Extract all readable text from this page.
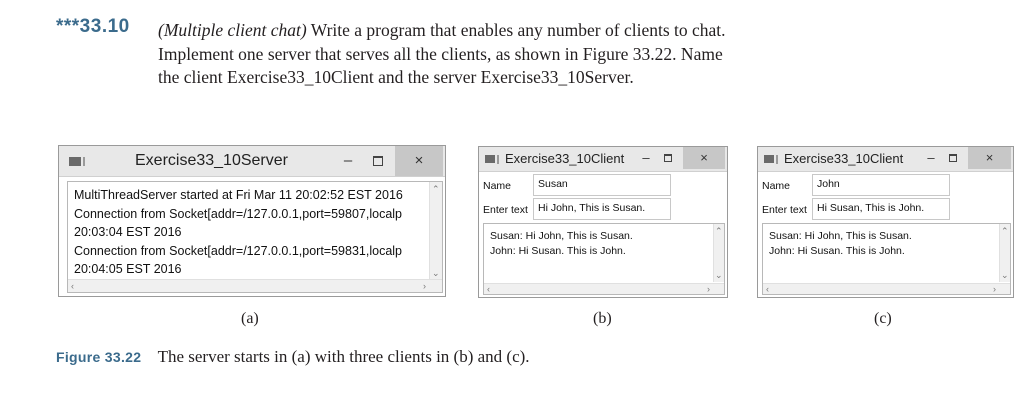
***33.10 (Multiple client chat) Write a program that enables any number of clients to chat.
Implement one server that serves all the clients, as shown in Figure 33.22. Name
the client Exercise33_10Client and the server Exercise33_10Server.
Exercise33_10Server	–	×
MultiThreadServer started at Fri Mar 11 20:02:52 EST 2016
Connection from Socket[addr=/127.0.0.1,port=59807,localp
20:03:04 EST 2016
Connection from Socket[addr=/127.0.0.1,port=59831,localp
20:04:05 EST 2016
⌃
⌄
‹	›
(a)
Exercise33_10Client	–	×
Name	Susan
Enter text Hi John, This is Susan.
Susan: Hi John, This is Susan.
John: Hi Susan. This is John.
⌃
⌄
‹	›
(b)
Exercise33_10Client	–	×
Name	John
Enter text Hi Susan, This is John.
Susan: Hi John, This is Susan.
John: Hi Susan. This is John.
⌃
⌄
‹	›
(c)
Figure 33.22 The server starts in (a) with three clients in (b) and (c).
